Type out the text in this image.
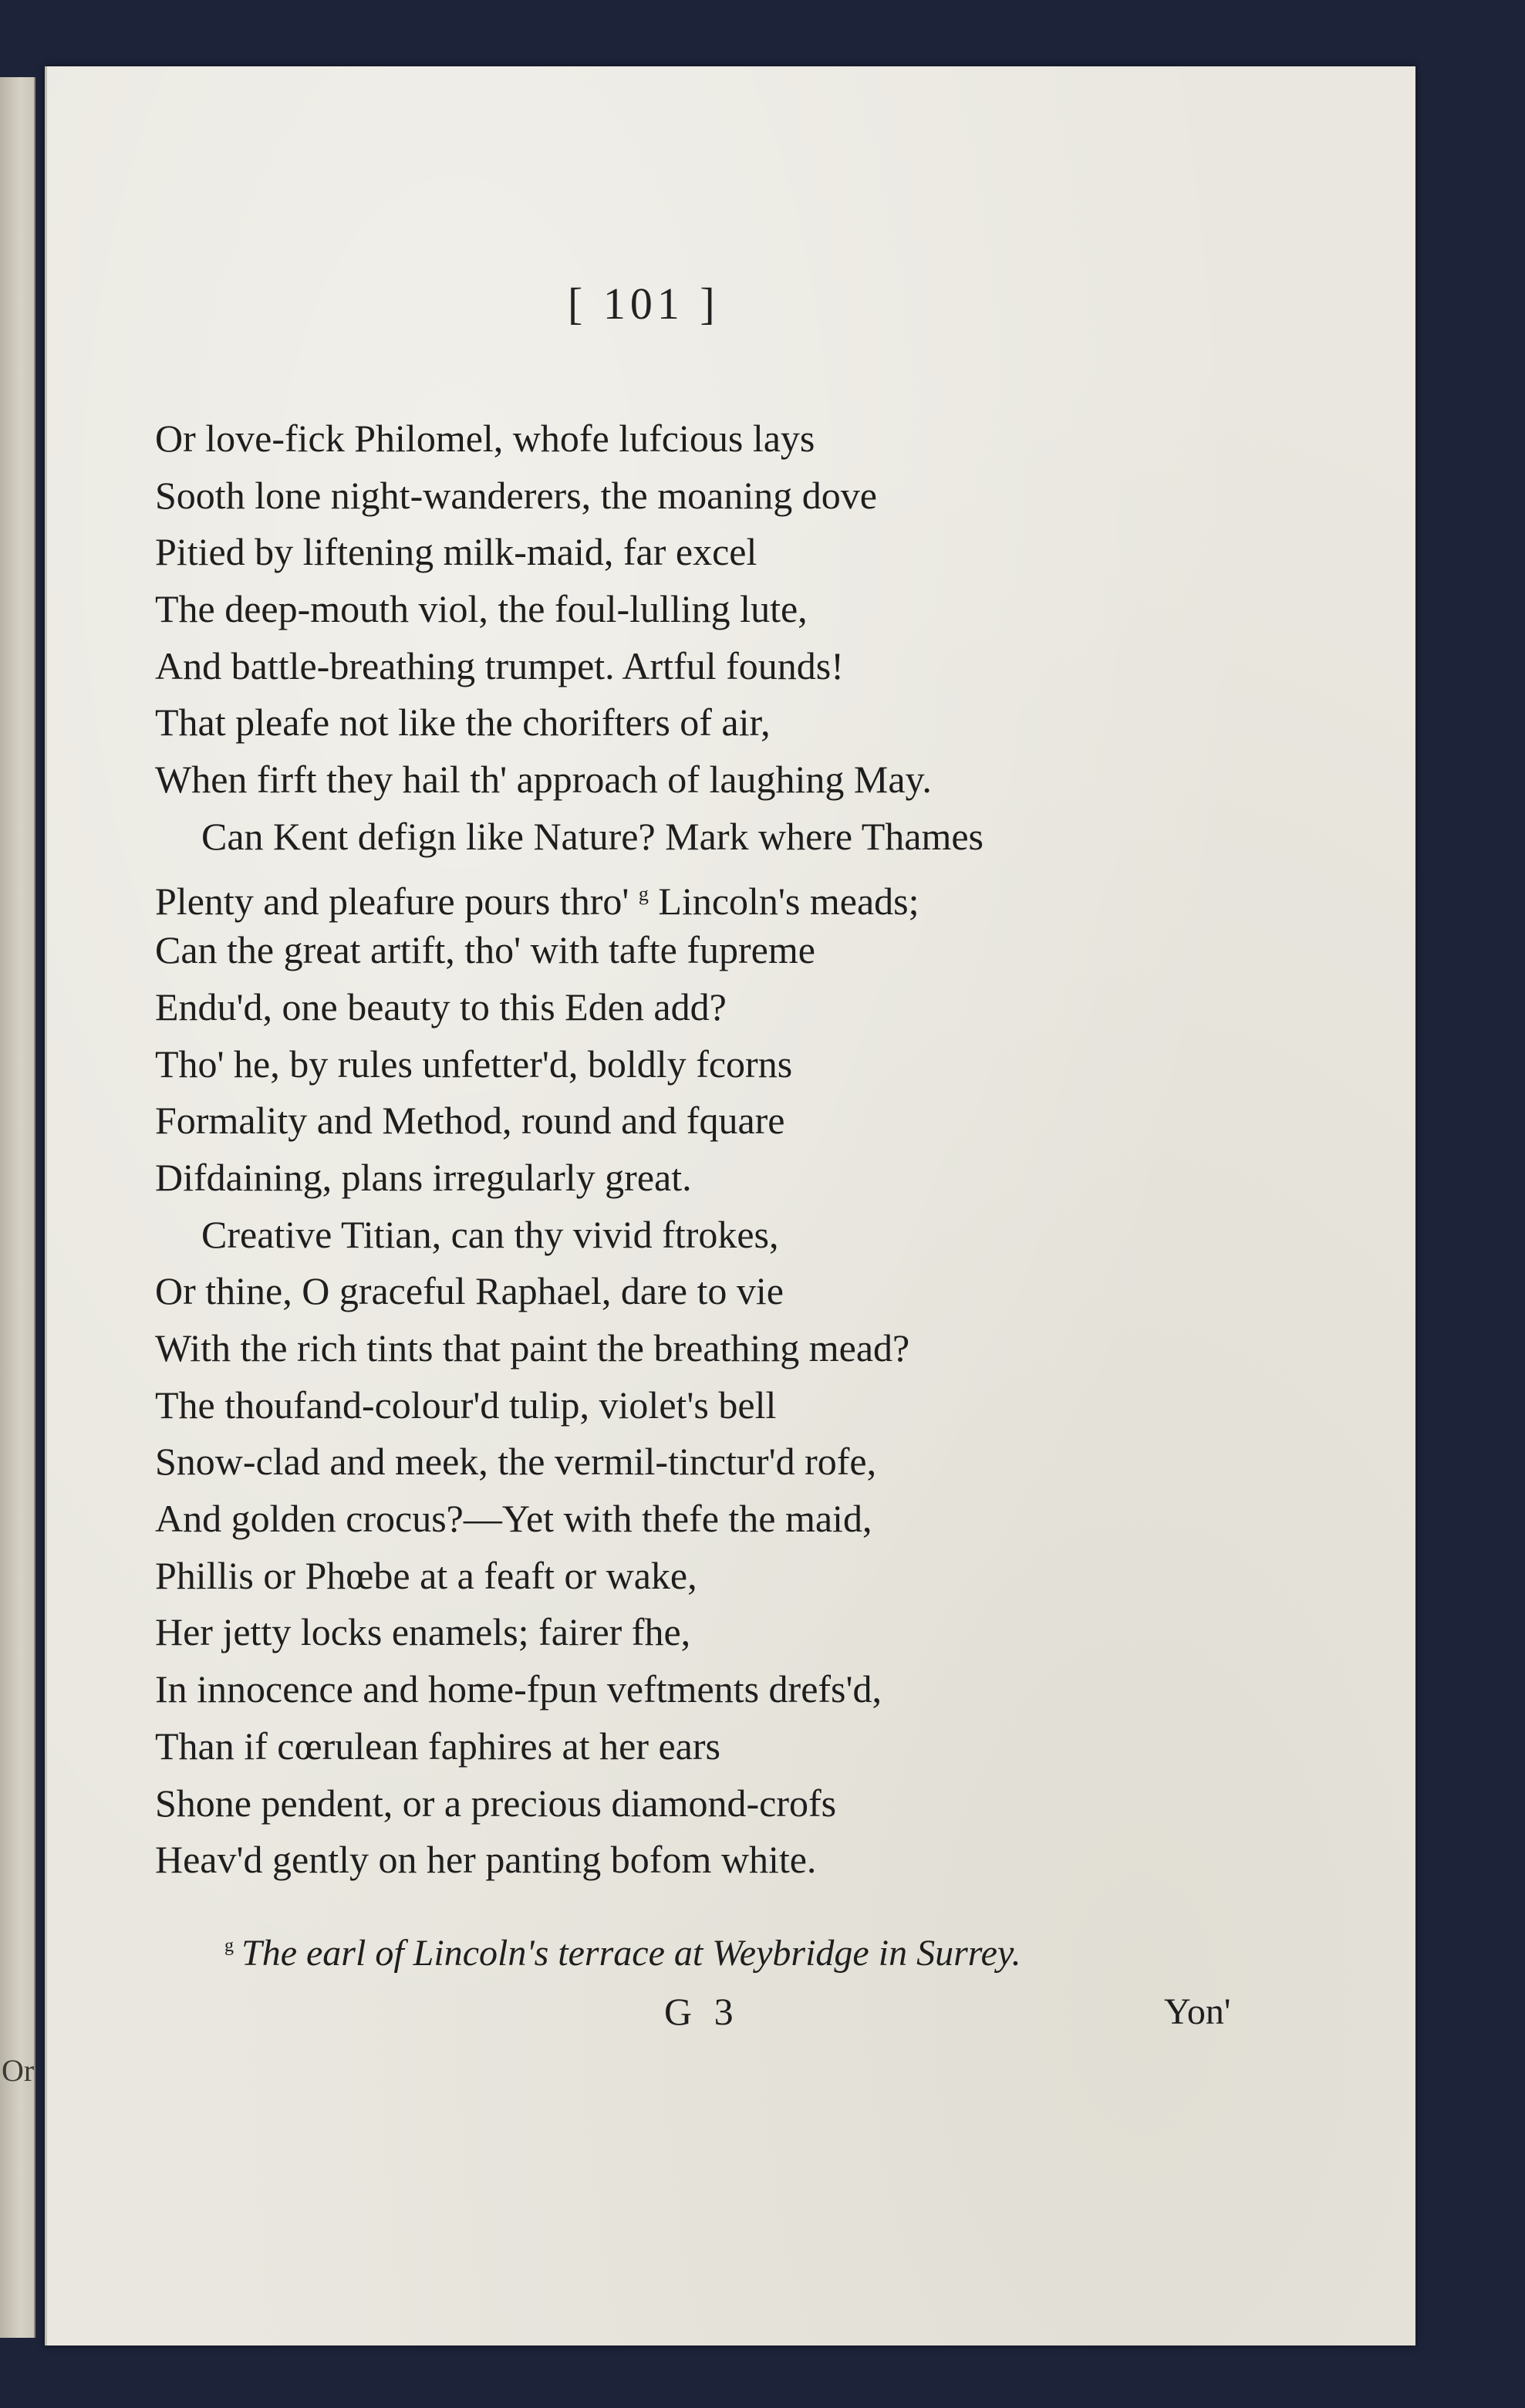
Or
[ 101 ]
Or love-fick Philomel, whofe lufcious lays
Sooth lone night-wanderers, the moaning dove
Pitied by liftening milk-maid, far excel
The deep-mouth viol, the foul-lulling lute,
And battle-breathing trumpet. Artful founds!
That pleafe not like the chorifters of air,
When firft they hail th' approach of laughing May.
Can Kent defign like Nature? Mark where Thames
Plenty and pleafure pours thro' $^g$ Lincoln's meads;
Can the great artift, tho' with tafte fupreme
Endu'd, one beauty to this Eden add?
Tho' he, by rules unfetter'd, boldly fcorns
Formality and Method, round and fquare
Difdaining, plans irregularly great.
Creative Titian, can thy vivid ftrokes,
Or thine, O graceful Raphael, dare to vie
With the rich tints that paint the breathing mead?
The thoufand-colour'd tulip, violet's bell
Snow-clad and meek, the vermil-tinctur'd rofe,
And golden crocus?—Yet with thefe the maid,
Phillis or Phœbe at a feaft or wake,
Her jetty locks enamels; fairer fhe,
In innocence and home-fpun veftments drefs'd,
Than if cœrulean faphires at her ears
Shone pendent, or a precious diamond-crofs
Heav'd gently on her panting bofom white.
$^g$ The earl of Lincoln's terrace at Weybridge in Surrey.
G 3	Yon'
